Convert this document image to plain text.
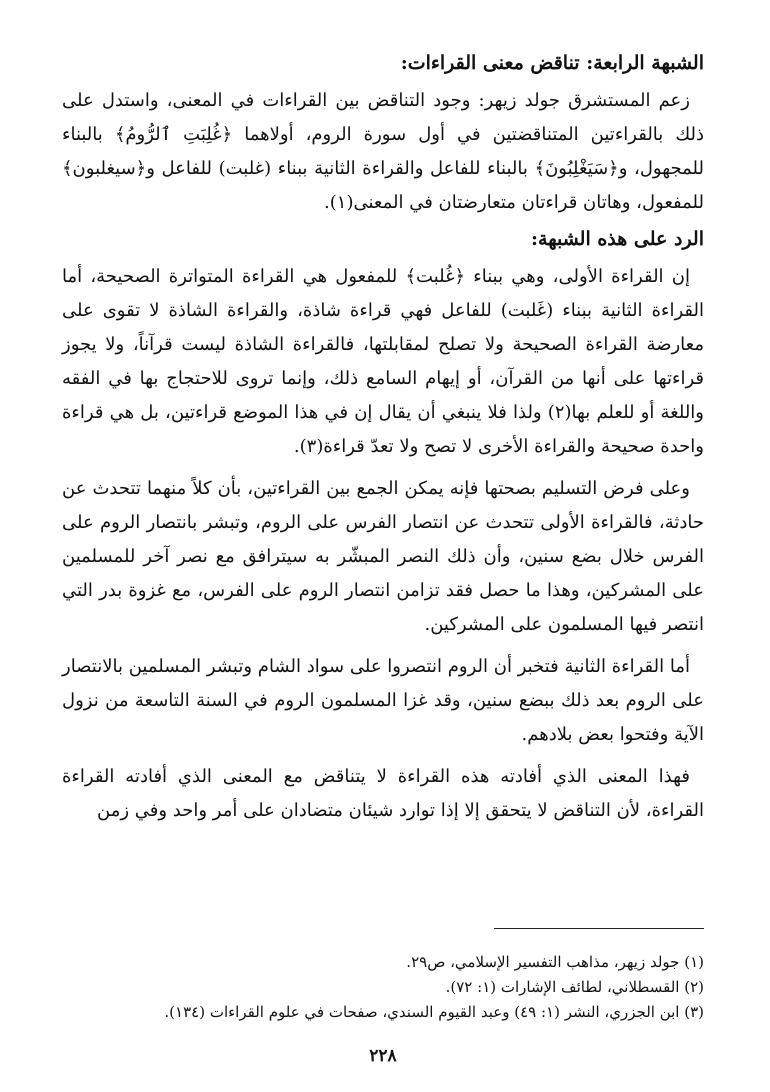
الشبهة الرابعة: تناقض معنى القراءات:

زعم المستشرق جولد زيهر: وجود التناقض بين القراءات في المعنى، واستدل على ذلك بالقراءتين المتناقضتين في أول سورة الروم، أولاهما ﴿غُلِبَتِ ٱلرُّومُ﴾ بالبناء للمجهول، و﴿سَيَغْلِبُونَ﴾ بالبناء للفاعل والقراءة الثانية ببناء (غلبت) للفاعل و﴿سيغلبون﴾ للمفعول، وهاتان قراءتان متعارضتان في المعنى(١).

الرد على هذه الشبهة:

إن القراءة الأولى، وهي ببناء ﴿غُلبت﴾ للمفعول هي القراءة المتواترة الصحيحة، أما القراءة الثانية ببناء (غَلبت) للفاعل فهي قراءة شاذة، والقراءة الشاذة لا تقوى على معارضة القراءة الصحيحة ولا تصلح لمقابلتها، فالقراءة الشاذة ليست قرآناً، ولا يجوز قراءتها على أنها من القرآن، أو إيهام السامع ذلك، وإنما تروى للاحتجاج بها في الفقه واللغة أو للعلم بها(٢) ولذا فلا ينبغي أن يقال إن في هذا الموضع قراءتين، بل هي قراءة واحدة صحيحة والقراءة الأخرى لا تصح ولا تعدّ قراءة(٣).

وعلى فرض التسليم بصحتها فإنه يمكن الجمع بين القراءتين، بأن كلاً منهما تتحدث عن حادثة، فالقراءة الأولى تتحدث عن انتصار الفرس على الروم، وتبشر بانتصار الروم على الفرس خلال بضع سنين، وأن ذلك النصر المبشّر به سيترافق مع نصر آخر للمسلمين على المشركين، وهذا ما حصل فقد تزامن انتصار الروم على الفرس، مع غزوة بدر التي انتصر فيها المسلمون على المشركين.

أما القراءة الثانية فتخبر أن الروم انتصروا على سواد الشام وتبشر المسلمين بالانتصار على الروم بعد ذلك ببضع سنين، وقد غزا المسلمون الروم في السنة التاسعة من نزول الآية وفتحوا بعض بلادهم.

فهذا المعنى الذي أفادته هذه القراءة لا يتناقض مع المعنى الذي أفادته القراءة القراءة، لأن التناقض لا يتحقق إلا إذا توارد شيئان متضادان على أمر واحد وفي زمن

(١) جولد زيهر، مذاهب التفسير الإسلامي، ص٢٩.

(٢) القسطلاني، لطائف الإشارات (١: ٧٢).

(٣) ابن الجزري، النشر (١: ٤٩) وعبد القيوم السندي، صفحات في علوم القراءات (١٣٤).

٢٢٨
